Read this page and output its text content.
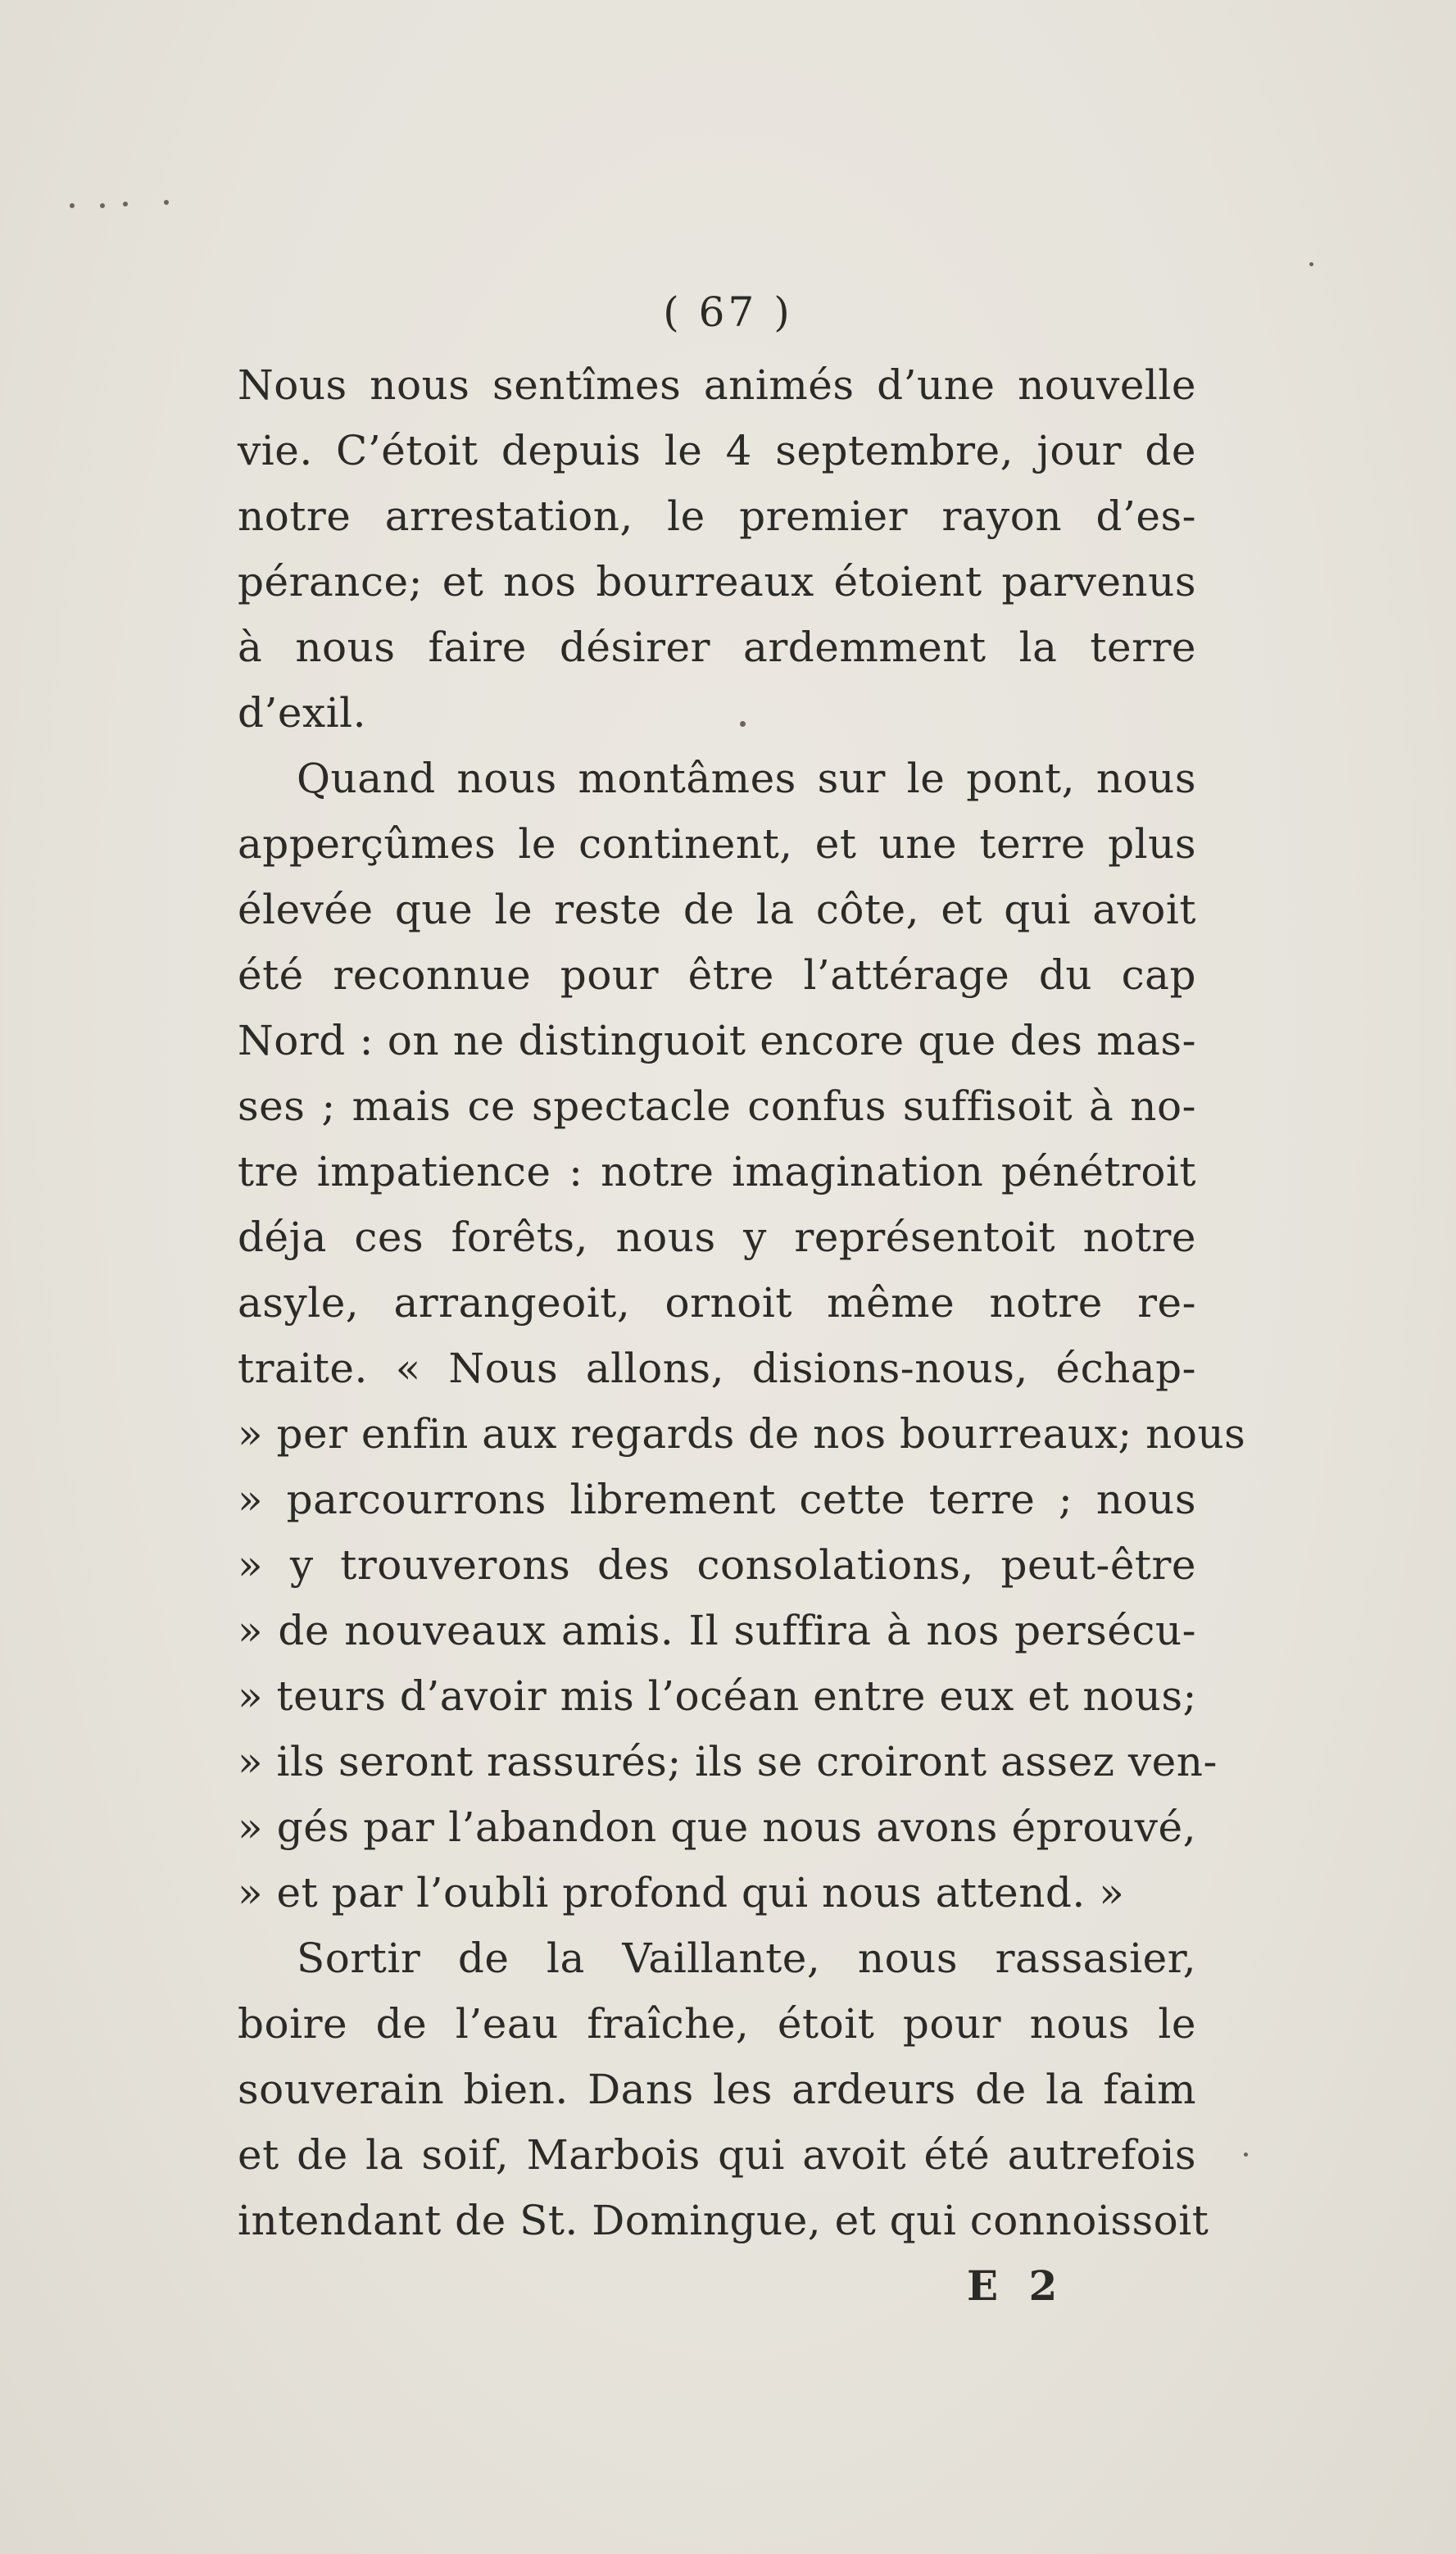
( 67 )
Nous nous sentîmes animés d’une nouvelle
vie. C’étoit depuis le 4 septembre, jour de
notre arrestation, le premier rayon d’es-
pérance; et nos bourreaux étoient parvenus
à nous faire désirer ardemment la terre
d’exil.
Quand nous montâmes sur le pont, nous
apperçûmes le continent, et une terre plus
élevée que le reste de la côte, et qui avoit
été reconnue pour être l’attérage du cap
Nord : on ne distinguoit encore que des mas-
ses ; mais ce spectacle confus suffisoit à no-
tre impatience : notre imagination pénétroit
déja ces forêts, nous y représentoit notre
asyle, arrangeoit, ornoit même notre re-
traite. « Nous allons, disions-nous, échap-
» per enfin aux regards de nos bourreaux; nous
» parcourrons librement cette terre ; nous
» y trouverons des consolations, peut-être
» de nouveaux amis. Il suffira à nos persécu-
» teurs d’avoir mis l’océan entre eux et nous;
» ils seront rassurés; ils se croiront assez ven-
» gés par l’abandon que nous avons éprouvé,
» et par l’oubli profond qui nous attend. »
Sortir de la Vaillante, nous rassasier,
boire de l’eau fraîche, étoit pour nous le
souverain bien. Dans les ardeurs de la faim
et de la soif, Marbois qui avoit été autrefois
intendant de St. Domingue, et qui connoissoit
E 2
